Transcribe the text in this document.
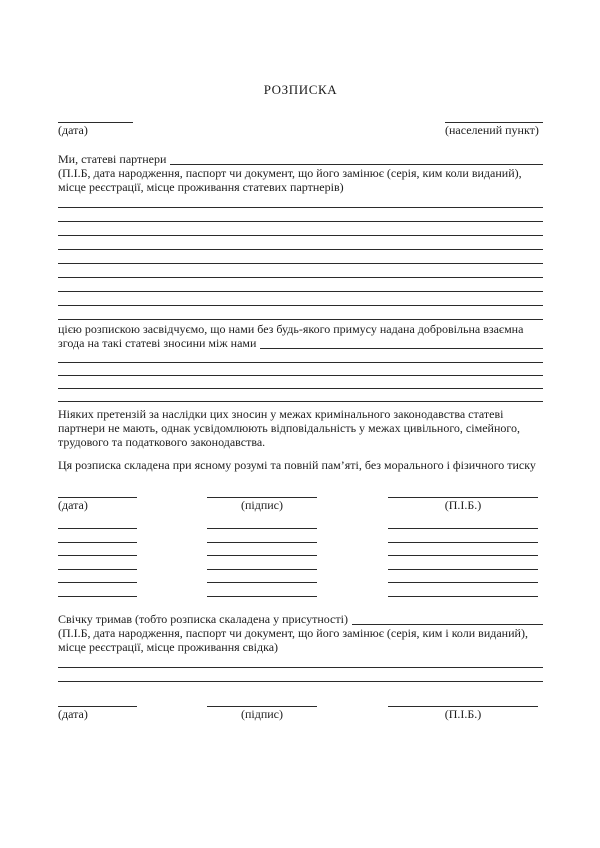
РОЗПИСКА
(дата)	(населений пункт)
Ми, статеві партнери
(П.І.Б, дата народження, паспорт чи документ, що його замінює (серія, ким коли виданий),
місце реєстрації, місце проживання статевих партнерів)
цією розпискою засвідчуємо, що нами без будь-якого примусу надана добровільна взаємна
згода на такі статеві зносини між нами
Ніяких претензій за наслідки цих зносин у межах кримінального законодавства статеві
партнери не мають, однак усвідомлюють відповідальність у межах цивільного, сімейного,
трудового та податкового законодавства.
Ця розписка складена при ясному розумі та повній пам’яті, без морального і фізичного тиску
(дата)	(підпис)	(П.І.Б.)
Свічку тримав (тобто розписка скаладена у присутності)
(П.І.Б, дата народження, паспорт чи документ, що його замінює (серія, ким і коли виданий),
місце реєстрації, місце проживання свідка)
(дата)	(підпис)	(П.І.Б.)
